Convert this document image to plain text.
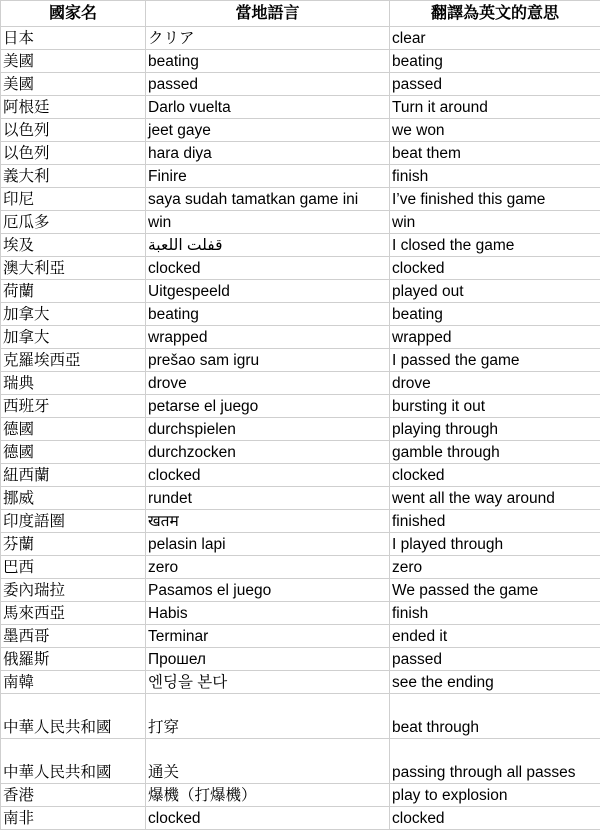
國家名	當地語言	翻譯為英文的意思
日本	クリア	clear
美國	beating	beating
美國	passed	passed
阿根廷	Darlo vuelta	Turn it around
以色列	jeet gaye	we won
以色列	hara diya	beat them
義大利	Finire	finish
印尼	saya sudah tamatkan game ini	I’ve finished this game
厄瓜多	win	win
埃及	قفلت اللعبة	I closed the game
澳大利亞	clocked	clocked
荷蘭	Uitgespeeld	played out
加拿大	beating	beating
加拿大	wrapped	wrapped
克羅埃西亞	prešao sam igru	I passed the game
瑞典	drove	drove
西班牙	petarse el juego	bursting it out
德國	durchspielen	playing through
德國	durchzocken	gamble through
紐西蘭	clocked	clocked
挪威	rundet	went all the way around
印度語圈	खतम	finished
芬蘭	pelasin lapi	I played through
巴西	zero	zero
委內瑞拉	Pasamos el juego	We passed the game
馬來西亞	Habis	finish
墨西哥	Terminar	ended it
俄羅斯	Прошел	passed
南韓	엔딩을 본다	see the ending
中華人民共和國	打穿	beat through
中華人民共和國	通关	passing through all passes
香港	爆機（打爆機）	play to explosion
南非	clocked	clocked
